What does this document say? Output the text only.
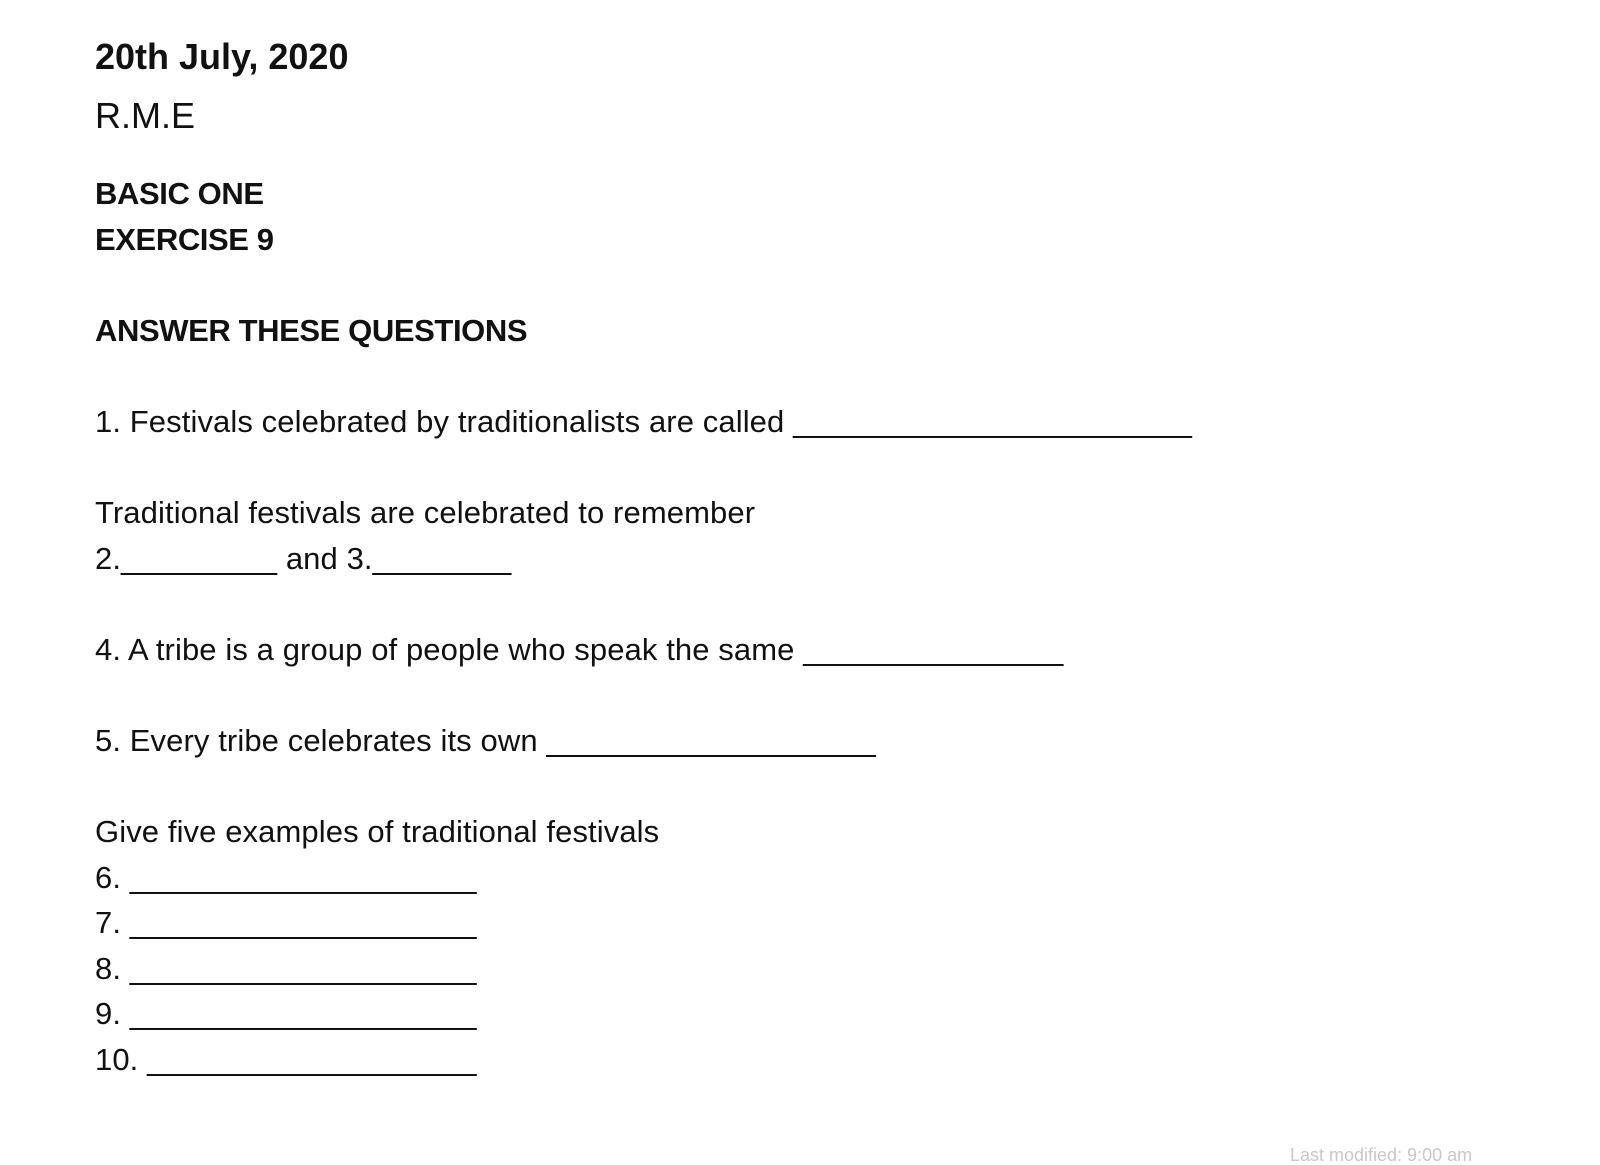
20th July, 2020
R.M.E
BASIC ONE
EXERCISE 9
ANSWER THESE QUESTIONS
1. Festivals celebrated by traditionalists are called _______________________
Traditional festivals are celebrated to remember
2._________ and 3.________
4. A tribe is a group of people who speak the same _______________
5. Every tribe celebrates its own ___________________
Give five examples of traditional festivals
6. ____________________
7. ____________________
8. ____________________
9. ____________________
10. ___________________
Last modified: 9:00 am
